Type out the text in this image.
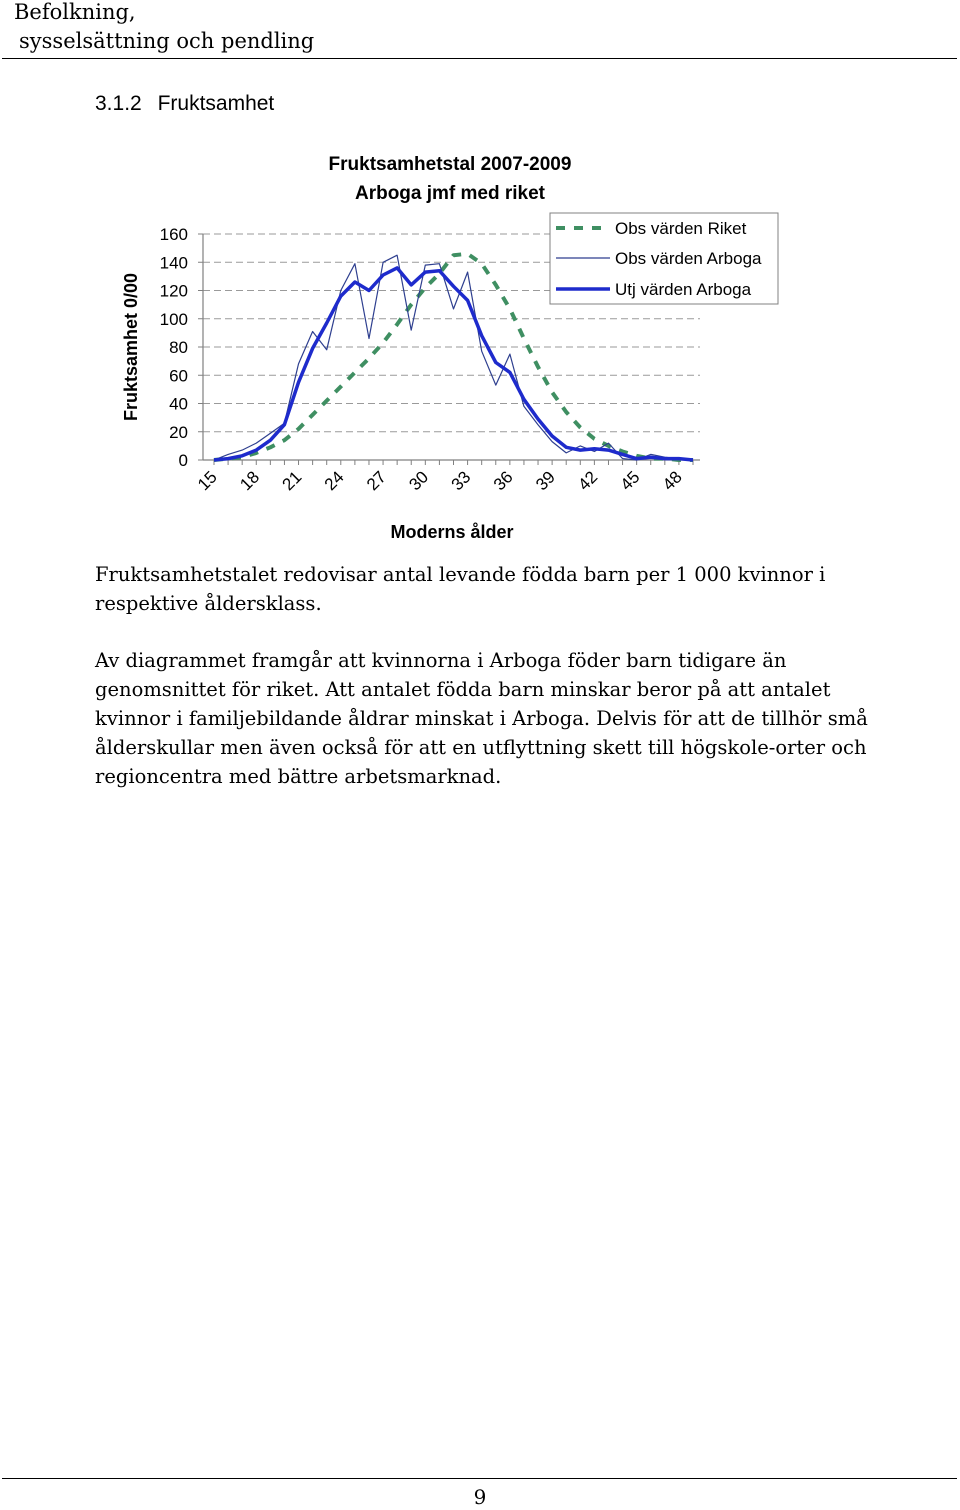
Befolkning,
sysselsättning och pendling
3.1.2 Fruktsamhet
Fruktsamhetstal 2007-2009
Arboga jmf med riket
0
20
40
60
80
100
120
140
160
15 18 21 24 27 30 33 36 39 42 45 48
Fruktsamhet 0/00
Moderns ålder
Obs värden Riket
Obs värden Arboga
Utj värden Arboga

Fruktsamhetstalet redovisar antal levande födda barn per 1 000 kvinnor i respektive åldersklass.

Av diagrammet framgår att kvinnorna i Arboga föder barn tidigare än genomsnittet för riket. Att antalet födda barn minskar beror på att antalet kvinnor i familjebildande åldrar minskat i Arboga. Delvis för att de tillhör små ålderskullar men även också för att en utflyttning skett till högskole-orter och regioncentra med bättre arbetsmarknad.

9
